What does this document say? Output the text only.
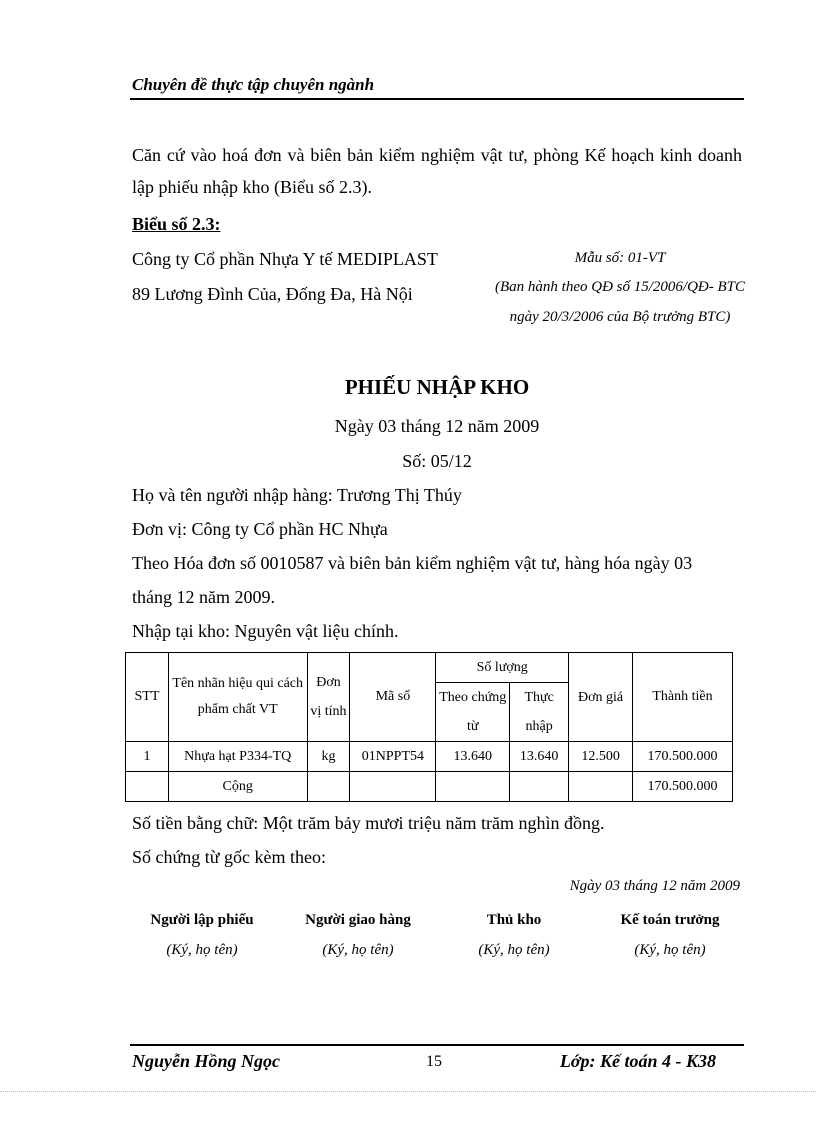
Chuyên đề thực tập chuyên ngành
Căn cứ vào hoá đơn và biên bản kiểm nghiệm vật tư, phòng Kế hoạch kinh doanh lập phiếu nhập kho (Biểu số 2.3).
Biểu số 2.3:
Công ty Cổ phần Nhựa Y tế MEDIPLAST
89 Lương Đình Của, Đống Đa, Hà Nội
Mẫu số: 01-VT
(Ban hành theo QĐ số 15/2006/QĐ- BTC
ngày 20/3/2006 của Bộ trưởng BTC)
PHIẾU NHẬP KHO
Ngày 03 tháng 12 năm 2009
Số: 05/12
Họ và tên người nhập hàng: Trương Thị Thúy
Đơn vị: Công ty Cổ phần HC Nhựa
Theo Hóa đơn số 0010587 và biên bản kiểm nghiệm vật tư, hàng hóa ngày 03
tháng 12 năm 2009.
Nhập tại kho: Nguyên vật liệu chính.
STT	Tên nhãn hiệu qui cách phẩm chất VT	Đơn vị tính	Mã số	Số lượng		Đơn giá	Thành tiền
				Theo chứng từ	Thực nhập		
1	Nhựa hạt P334-TQ	kg	01NPPT54	13.640	13.640	12.500	170.500.000
	Cộng						170.500.000
Số tiền bằng chữ: Một trăm bảy mươi triệu năm trăm nghìn đồng.
Số chứng từ gốc kèm theo:
Ngày 03 tháng 12 năm 2009
Người lập phiếu	Người giao hàng	Thủ kho	Kế toán trưởng
(Ký, họ tên)	(Ký, họ tên)	(Ký, họ tên)	(Ký, họ tên)
Nguyễn Hồng Ngọc	15	Lớp: Kế toán 4 - K38
